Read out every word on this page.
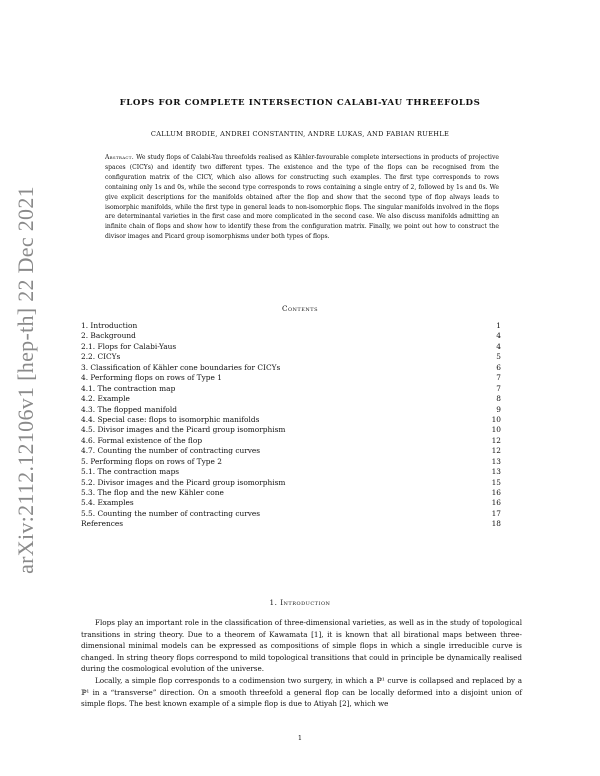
arXiv:2112.12106v1 [hep-th] 22 Dec 2021
FLOPS FOR COMPLETE INTERSECTION CALABI-YAU THREEFOLDS
CALLUM BRODIE, ANDREI CONSTANTIN, ANDRE LUKAS, AND FABIAN RUEHLE

Abstract. We study flops of Calabi-Yau threefolds realised as Kähler-favourable complete intersections in products of projective spaces (CICYs) and identify two different types. The existence and the type of the flops can be recognised from the configuration matrix of the CICY, which also allows for constructing such examples. The first type corresponds to rows containing only 1s and 0s, while the second type corresponds to rows containing a single entry of 2, followed by 1s and 0s. We give explicit descriptions for the manifolds obtained after the flop and show that the second type of flop always leads to isomorphic manifolds, while the first type in general leads to non-isomorphic flops. The singular manifolds involved in the flops are determinantal varieties in the first case and more complicated in the second case. We also discuss manifolds admitting an infinite chain of flops and show how to identify these from the configuration matrix. Finally, we point out how to construct the divisor images and Picard group isomorphisms under both types of flops.

Contents
1. Introduction	1
2. Background	4
2.1. Flops for Calabi-Yaus	4
2.2. CICYs	5
3. Classification of Kähler cone boundaries for CICYs	6
4. Performing flops on rows of Type 1	7
4.1. The contraction map	7
4.2. Example	8
4.3. The flopped manifold	9
4.4. Special case: flops to isomorphic manifolds	10
4.5. Divisor images and the Picard group isomorphism	10
4.6. Formal existence of the flop	12
4.7. Counting the number of contracting curves	12
5. Performing flops on rows of Type 2	13
5.1. The contraction maps	13
5.2. Divisor images and the Picard group isomorphism	15
5.3. The flop and the new Kähler cone	16
5.4. Examples	16
5.5. Counting the number of contracting curves	17
References	18
1. Introduction

Flops play an important role in the classification of three-dimensional varieties, as well as in the study of topological transitions in string theory. Due to a theorem of Kawamata [1], it is known that all birational maps between three-dimensional minimal models can be expressed as compositions of simple flops in which a single irreducible curve is changed. In string theory flops correspond to mild topological transitions that could in principle be dynamically realised during the cosmological evolution of the universe.

Locally, a simple flop corresponds to a codimension two surgery, in which a ℙ¹ curve is collapsed and replaced by a ℙ¹ in a “transverse” direction. On a smooth threefold a general flop can be locally deformed into a disjoint union of simple flops. The best known example of a simple flop is due to Atiyah [2], which we

1
